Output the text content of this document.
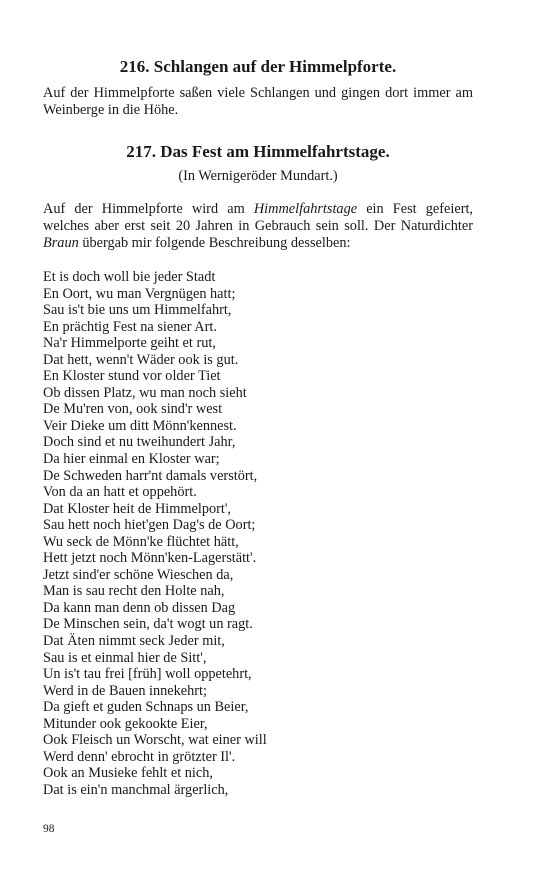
216. Schlangen auf der Himmelpforte.

Auf der Himmelpforte saßen viele Schlangen und gingen dort immer am Weinberge in die Höhe.

217. Das Fest am Himmelfahrtstage.

(In Wernigeröder Mundart.)

Auf der Himmelpforte wird am Himmelfahrtstage ein Fest gefeiert, welches aber erst seit 20 Jahren in Gebrauch sein soll. Der Naturdichter Braun übergab mir folgende Beschreibung desselben:

Et is doch woll bie jeder Stadt
En Oort, wu man Vergnügen hatt;
Sau is't bie uns um Himmelfahrt,
En prächtig Fest na siener Art.
Na'r Himmelporte geiht et rut,
Dat hett, wenn't Wäder ook is gut.
En Kloster stund vor older Tiet
Ob dissen Platz, wu man noch sieht
De Mu'ren von, ook sind'r west
Veir Dieke um ditt Mönn'kennest.
Doch sind et nu tweihundert Jahr,
Da hier einmal en Kloster war;
De Schweden harr'nt damals verstört,
Von da an hatt et oppehört.
Dat Kloster heit de Himmelport',
Sau hett noch hiet'gen Dag's de Oort;
Wu seck de Mönn'ke flüchtet hätt,
Hett jetzt noch Mönn'ken-Lagerstätt'.
Jetzt sind'er schöne Wieschen da,
Man is sau recht den Holte nah,
Da kann man denn ob dissen Dag
De Minschen sein, da't wogt un ragt.
Dat Äten nimmt seck Jeder mit,
Sau is et einmal hier de Sitt',
Un is't tau frei [früh] woll oppetehrt,
Werd in de Bauen innekehrt;
Da gieft et guden Schnaps un Beier,
Mitunder ook gekookte Eier,
Ook Fleisch un Worscht, wat einer will
Werd denn' ebrocht in grötzter Il'.
Ook an Musieke fehlt et nich,
Dat is ein'n manchmal ärgerlich,
98
